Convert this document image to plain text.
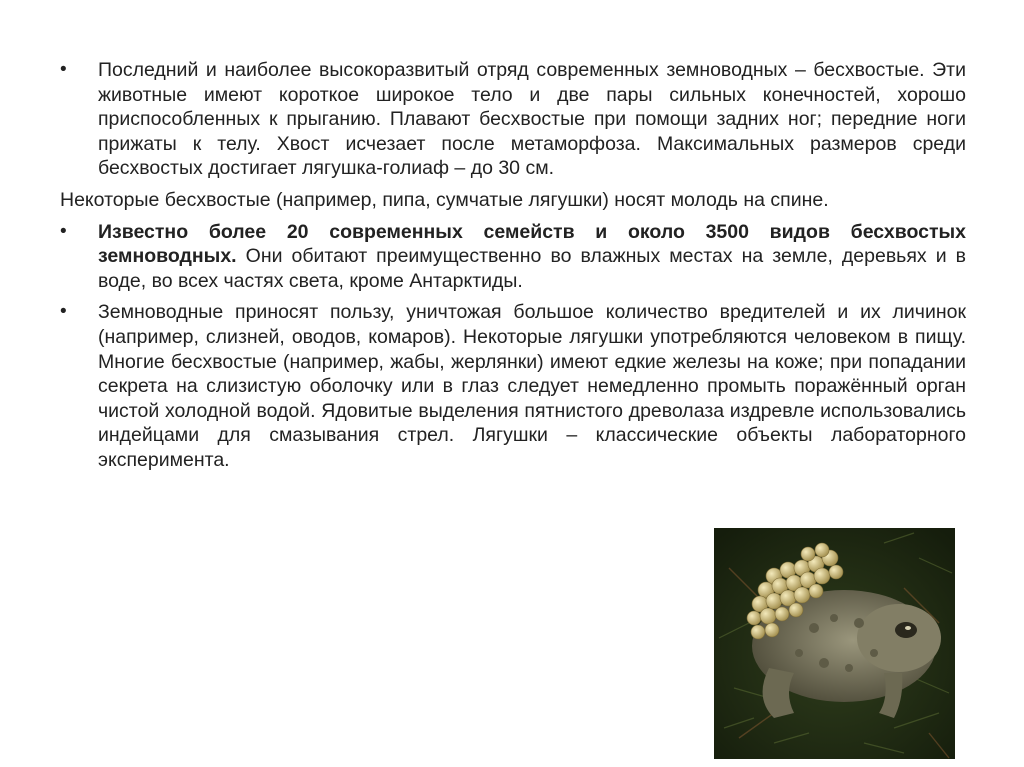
•	Последний и наиболее высокоразвитый отряд современных земноводных – бесхвостые. Эти животные имеют короткое широкое тело и две пары сильных конечностей, хорошо приспособленных к прыганию. Плавают бесхвостые при помощи задних ног; передние ноги прижаты к телу. Хвост исчезает после метаморфоза. Максимальных размеров среди бесхвостых достигает лягушка-голиаф – до 30 см.

Некоторые бесхвостые (например, пипа, сумчатые лягушки) носят молодь на спине.

•	Известно более 20 современных семейств и около 3500 видов бесхвостых земноводных. Они обитают преимущественно во влажных местах на земле, деревьях и в воде, во всех частях света, кроме Антарктиды.
•	Земноводные приносят пользу, уничтожая большое количество вредителей и их личинок (например, слизней, оводов, комаров). Некоторые лягушки употребляются человеком в пищу. Многие бесхвостые (например, жабы, жерлянки) имеют едкие железы на коже; при попадании секрета на слизистую оболочку или в глаз следует немедленно промыть поражённый орган чистой холодной водой. Ядовитые выделения пятнистого древолаза издревле использовались индейцами для смазывания стрел. Лягушки – классические объекты лабораторного эксперимента.
